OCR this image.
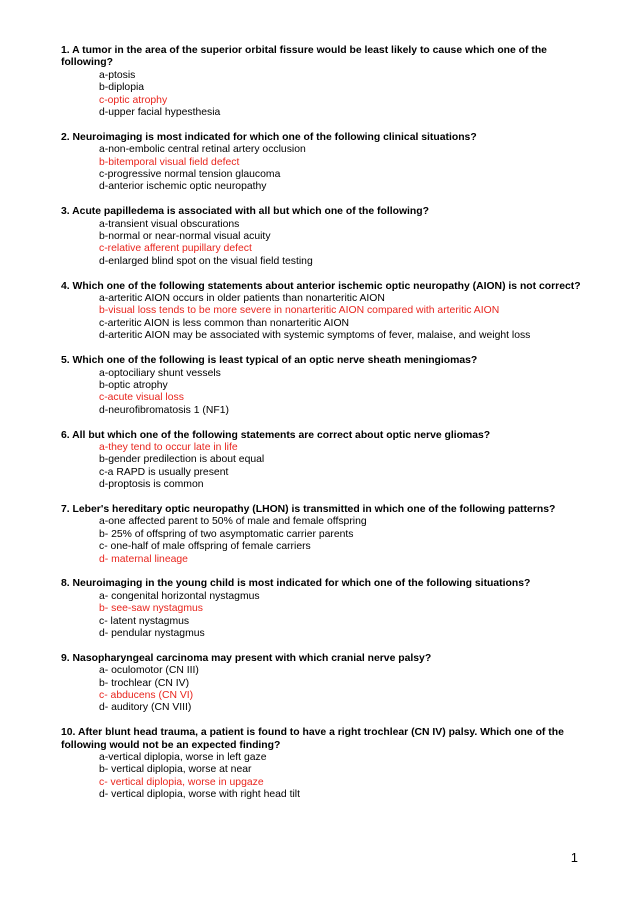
1. A tumor in the area of the superior orbital fissure would be least likely to cause which one of the following?
a-ptosis
b-diplopia
c-optic atrophy
d-upper facial hypesthesia
2. Neuroimaging is most indicated for which one of the following clinical situations?
a-non-embolic central retinal artery occlusion
b-bitemporal visual field defect
c-progressive normal tension glaucoma
d-anterior ischemic optic neuropathy
3. Acute papilledema is associated with all but which one of the following?
a-transient visual obscurations
b-normal or near-normal visual acuity
c-relative afferent pupillary defect
d-enlarged blind spot on the visual field testing
4. Which one of the following statements about anterior ischemic optic neuropathy (AION) is not correct?
a-arteritic AION occurs in older patients than nonarteritic AION
b-visual loss tends to be more severe in nonarteritic AION compared with arteritic AION
c-arteritic AION is less common than nonarteritic AION
d-arteritic AION may be associated with systemic symptoms of fever, malaise, and weight loss
5. Which one of the following is least typical of an optic nerve sheath meningiomas?
a-optociliary shunt vessels
b-optic atrophy
c-acute visual loss
d-neurofibromatosis 1 (NF1)
6. All but which one of the following statements are correct about optic nerve gliomas?
a-they tend to occur late in life
b-gender predilection is about equal
c-a RAPD is usually present
d-proptosis is common
7. Leber's hereditary optic neuropathy (LHON) is transmitted in which one of the following patterns?
a-one affected parent to 50% of male and female offspring
b- 25% of offspring of two asymptomatic carrier parents
c- one-half of male offspring of female carriers
d- maternal lineage
8. Neuroimaging in the young child is most indicated for which one of the following situations?
a- congenital horizontal nystagmus
b- see-saw nystagmus
c- latent nystagmus
d- pendular nystagmus
9. Nasopharyngeal carcinoma may present with which cranial nerve palsy?
a- oculomotor (CN III)
b- trochlear (CN IV)
c- abducens (CN VI)
d- auditory (CN VIII)
10. After blunt head trauma, a patient is found to have a right trochlear (CN IV) palsy. Which one of the following would not be an expected finding?
a-vertical diplopia, worse in left gaze
b- vertical diplopia, worse at near
c- vertical diplopia, worse in upgaze
d- vertical diplopia, worse with right head tilt
1
